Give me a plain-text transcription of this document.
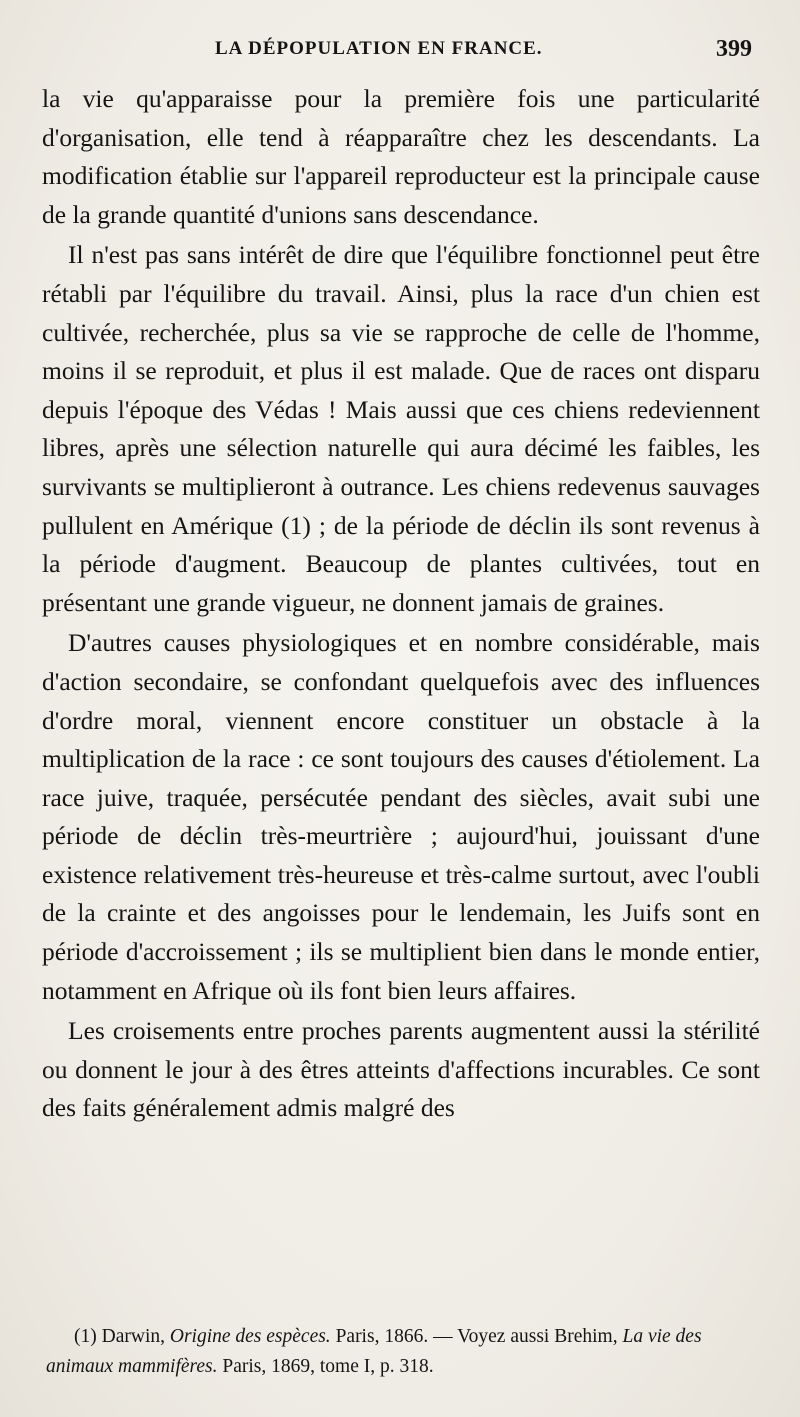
LA DÉPOPULATION EN FRANCE.	399

la vie qu'apparaisse pour la première fois une particularité d'organisation, elle tend à réapparaître chez les descendants. La modification établie sur l'appareil reproducteur est la principale cause de la grande quantité d'unions sans descendance.

Il n'est pas sans intérêt de dire que l'équilibre fonctionnel peut être rétabli par l'équilibre du travail. Ainsi, plus la race d'un chien est cultivée, recherchée, plus sa vie se rapproche de celle de l'homme, moins il se reproduit, et plus il est malade. Que de races ont disparu depuis l'époque des Védas ! Mais aussi que ces chiens redeviennent libres, après une sélection naturelle qui aura décimé les faibles, les survivants se multiplieront à outrance. Les chiens redevenus sauvages pullulent en Amérique (1) ; de la période de déclin ils sont revenus à la période d'augment. Beaucoup de plantes cultivées, tout en présentant une grande vigueur, ne donnent jamais de graines.

D'autres causes physiologiques et en nombre considérable, mais d'action secondaire, se confondant quelquefois avec des influences d'ordre moral, viennent encore constituer un obstacle à la multiplication de la race : ce sont toujours des causes d'étiolement. La race juive, traquée, persécutée pendant des siècles, avait subi une période de déclin très-meurtrière ; aujourd'hui, jouissant d'une existence relativement très-heureuse et très-calme surtout, avec l'oubli de la crainte et des angoisses pour le lendemain, les Juifs sont en période d'accroissement ; ils se multiplient bien dans le monde entier, notamment en Afrique où ils font bien leurs affaires.

Les croisements entre proches parents augmentent aussi la stérilité ou donnent le jour à des êtres atteints d'affections incurables. Ce sont des faits généralement admis malgré des

(1) Darwin, Origine des espèces. Paris, 1866. — Voyez aussi Brehim, La vie des animaux mammifères. Paris, 1869, tome I, p. 318.
